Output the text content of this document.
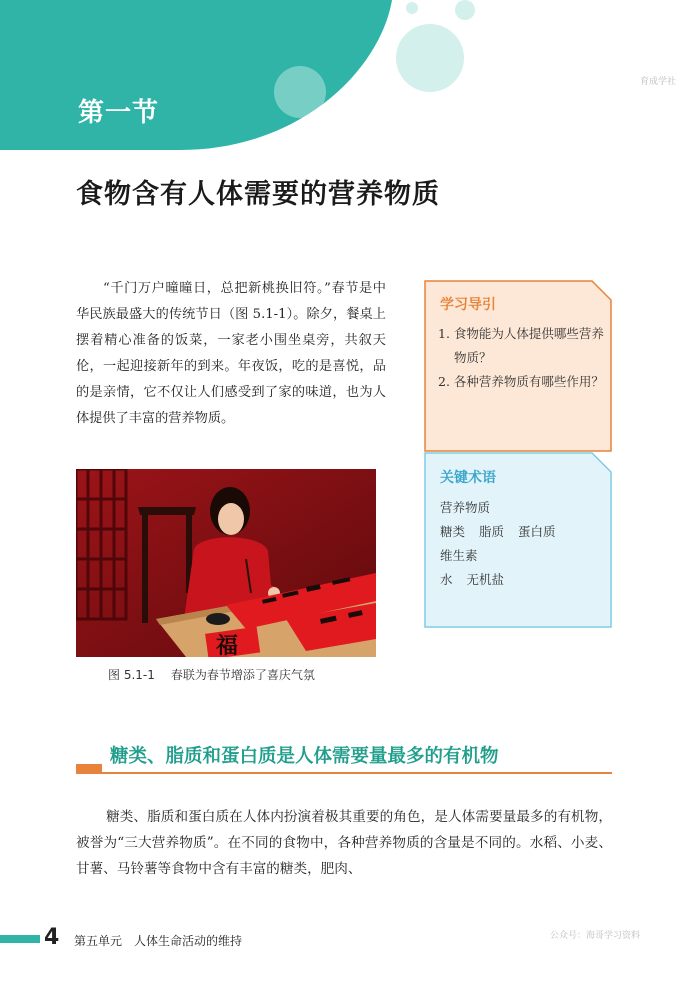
第一节
育成学社
食物含有人体需要的营养物质
“千门万户曈曈日，总把新桃换旧符。”春节是中华民族最盛大的传统节日（图 5.1-1）。除夕，餐桌上摆着精心准备的饭菜，一家老小围坐桌旁，共叙天伦，一起迎接新年的到来。年夜饭，吃的是喜悦，品的是亲情，它不仅让人们感受到了家的味道，也为人体提供了丰富的营养物质。
福
图 5.1-1 春联为春节增添了喜庆气氛
学习导引
1. 食物能为人体提供哪些营养物质？
2. 各种营养物质有哪些作用？
关键术语
营养物质
糖类 脂质 蛋白质
维生素
水 无机盐
糖类、脂质和蛋白质是人体需要量最多的有机物
糖类、脂质和蛋白质在人体内扮演着极其重要的角色，是人体需要量最多的有机物，被誉为“三大营养物质”。在不同的食物中，各种营养物质的含量是不同的。水稻、小麦、甘薯、马铃薯等食物中含有丰富的糖类，肥肉、
4 第五单元 人体生命活动的维持	公众号：海哥学习资料
